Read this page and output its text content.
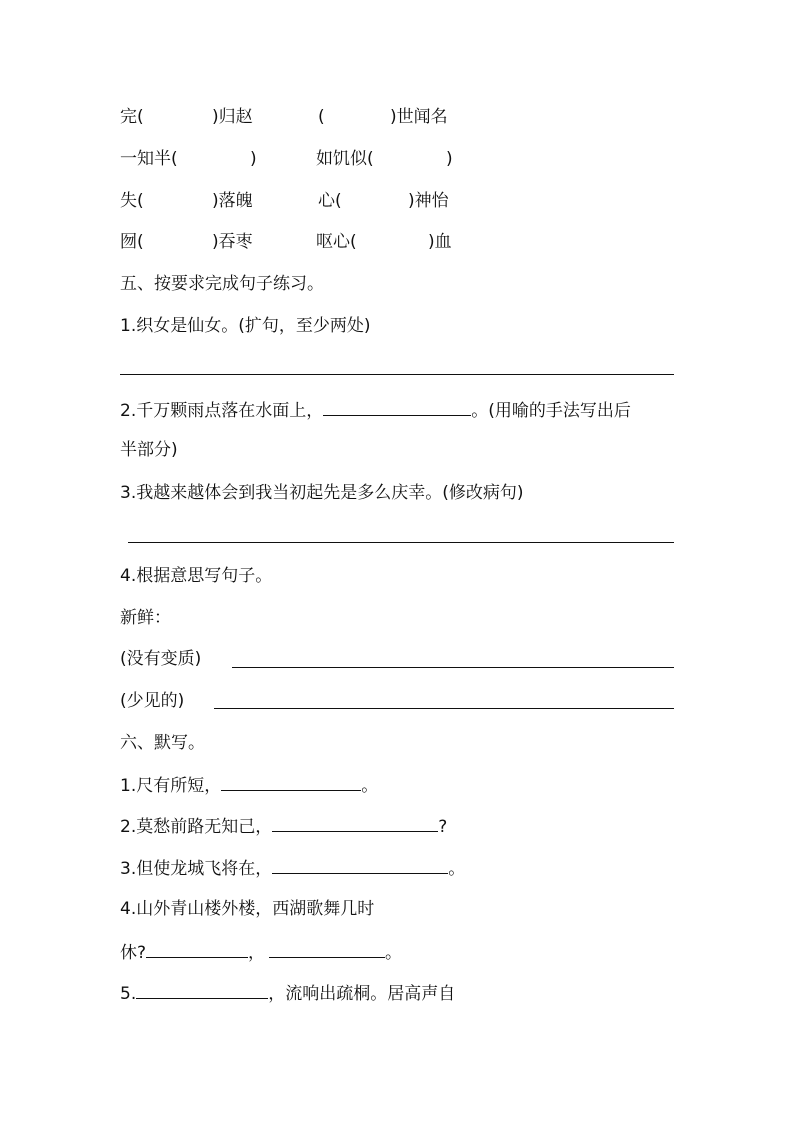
完(	)归赵	(	)世闻名
一知半(	)	如饥似(	)
失(	)落魄	心(	)神怡
囫(	)吞枣	呕心(	)血
五、按要求完成句子练习。
1.织女是仙女。(扩句，至少两处)
2.千万颗雨点落在水面上，	。(用喻的手法写出后
半部分)
3.我越来越体会到我当初起先是多么庆幸。(修改病句)
4.根据意思写句子。
新鲜：
(没有变质)
(少见的)
六、默写。
1.尺有所短，	。
2.莫愁前路无知己，	?
3.但使龙城飞将在，	。
4.山外青山楼外楼，西湖歌舞几时
休?	，	。
5.	，流响出疏桐。居高声自
